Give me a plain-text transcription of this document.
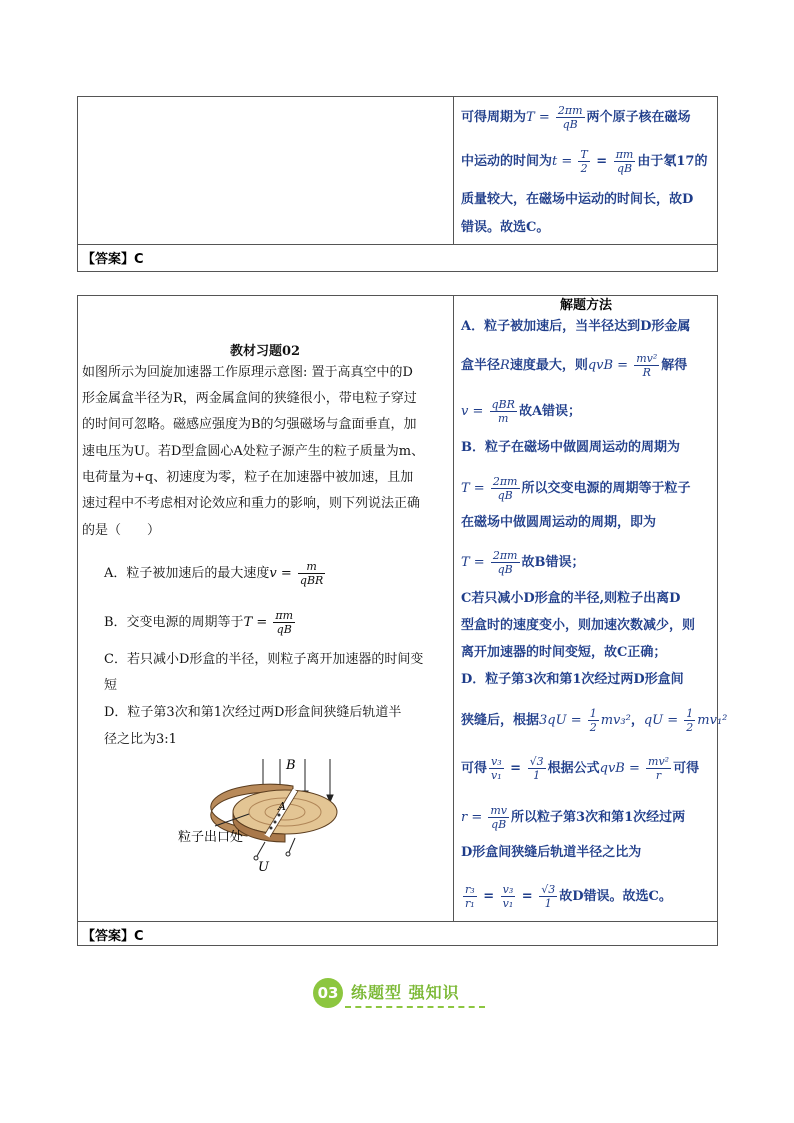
可得周期为$T = \frac{2\pi m}{qB}$ 两个原子核在磁场
中运动的时间为$t = \frac{T}{2} = \frac{\pi m}{qB}$ 由于氡17的
质量较大，在磁场中运动的时间长，故D
错误。故选C。
【答案】C
教材习题02
如图所示为回旋加速器工作原理示意图: 置于高真空中的D
形金属盒半径为R，两金属盒间的狭缝很小，带电粒子穿过
的时间可忽略。磁感应强度为B的匀强磁场与盒面垂直，加
速电压为U。若D型盒圆心A处粒子源产生的粒子质量为m、
电荷量为+q、初速度为零，粒子在加速器中被加速，且加
速过程中不考虑相对论效应和重力的影响，则下列说法正确
的是（　　）
A．粒子被加速后的最大速度$v = \frac{m}{\text{qBR}}$
B．交变电源的周期等于$T = \frac{\pi m}{qB}$
C．若只减小D形盒的半径，则粒子离开加速器的时间变
短
D．粒子第3次和第1次经过两D形盒间狭缝后轨道半
径之比为3:1
B
A
U
粒子出口处
解题方法
A．粒子被加速后，当半径达到D形金属
盒半径R速度最大，则qvB = $\frac{\text{mv²}}{R}$ 解得
$v = \frac{\text{qBR}}{m}$ 故A错误；
B．粒子在磁场中做圆周运动的周期为
$T = \frac{2\pi m}{qB}$ 所以交变电源的周期等于粒子
在磁场中做圆周运动的周期，即为
$T = \frac{2\pi m}{qB}$ 故B错误；
C若只减小D形盒的半径,则粒子出离D
型盒时的速度变小，则加速次数减少，则
离开加速器的时间变短，故C正确；
D．粒子第3次和第1次经过两D形盒间
狭缝后，根据$3qU = \frac{1}{2} mv_3^2$，qU = $\frac{1}{2} mv_1^2$
可得 $\frac{\text{v₃}}{\text{v₁}} = \frac{√3}{1}$ 根据公式qvB = $\frac{\text{mv²}}{r}$ 可得
$r = \frac{mv}{qB}$ 所以粒子第3次和第1次经过两
D形盒间狭缝后轨道半径之比为
$\frac{\text{r₃}}{\text{r₁}} = \frac{\text{v₃}}{\text{v₁}} = \frac{√3}{1}$ 故D错误。故选C。
【答案】C
03 练题型 强知识
